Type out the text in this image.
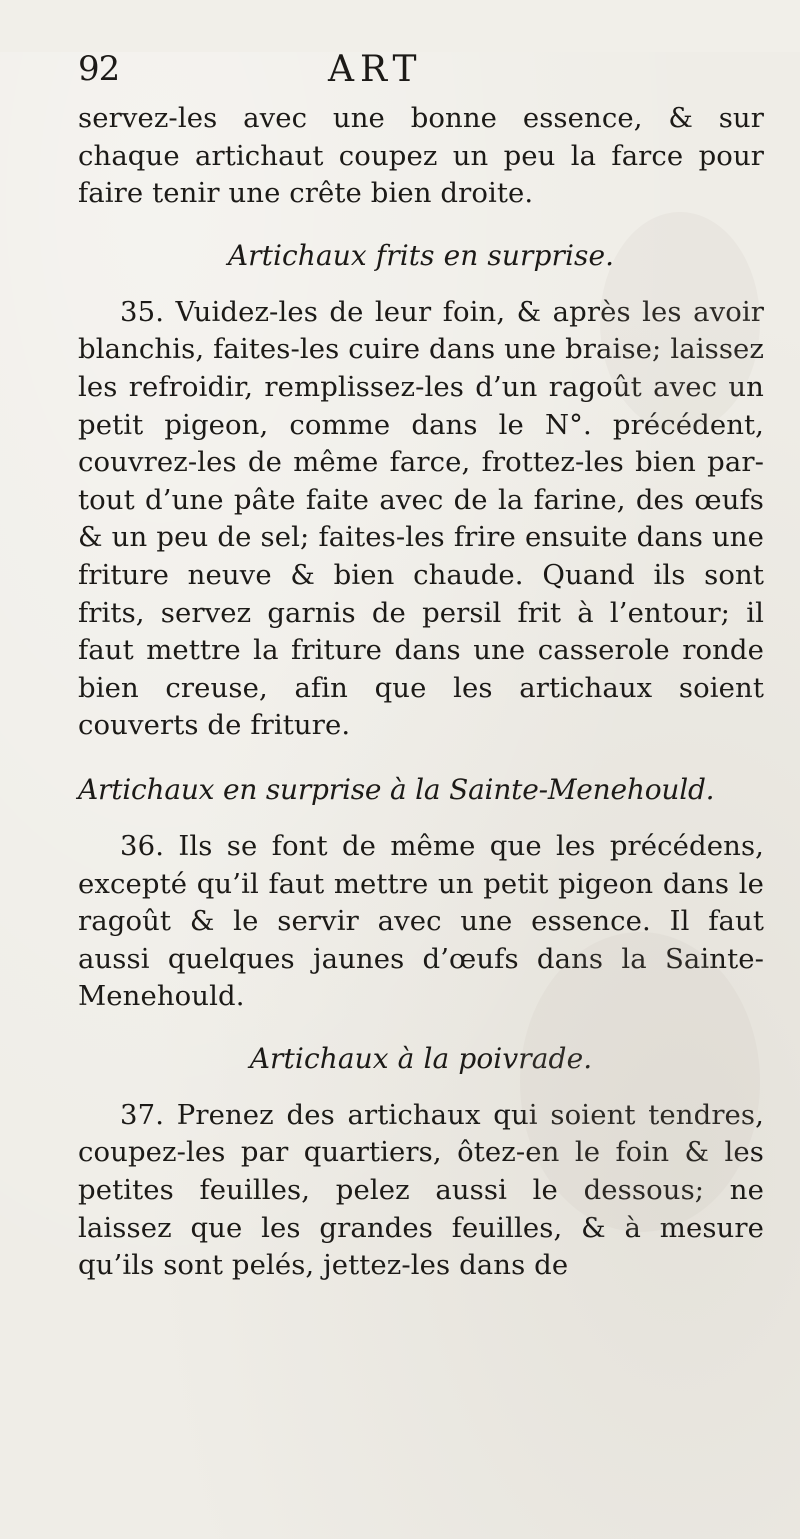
92	ART

servez-les avec une bonne essence, & sur chaque artichaut coupez un peu la farce pour faire tenir une crête bien droite.

Artichaux frits en surprise.

35. Vuidez-les de leur foin, & après les avoir blanchis, faites-les cuire dans une braise; laissez les refroidir, remplissez-les d’un ragoût avec un petit pigeon, comme dans le N°. précédent, couvrez-les de même farce, frottez-les bien par-tout d’une pâte faite avec de la farine, des œufs & un peu de sel; faites-les frire ensuite dans une friture neuve & bien chaude. Quand ils sont frits, servez garnis de persil frit à l’entour; il faut mettre la friture dans une casserole ronde bien creuse, afin que les artichaux soient couverts de friture.

Artichaux en surprise à la Sainte-Menehould.

36. Ils se font de même que les précédens, excepté qu’il faut mettre un petit pigeon dans le ragoût & le servir avec une essence. Il faut aussi quelques jaunes d’œufs dans la Sainte-Menehould.

Artichaux à la poivrade.

37. Prenez des artichaux qui soient tendres, coupez-les par quartiers, ôtez-en le foin & les petites feuilles, pelez aussi le dessous; ne laissez que les grandes feuilles, & à mesure qu’ils sont pelés, jettez-les dans de
